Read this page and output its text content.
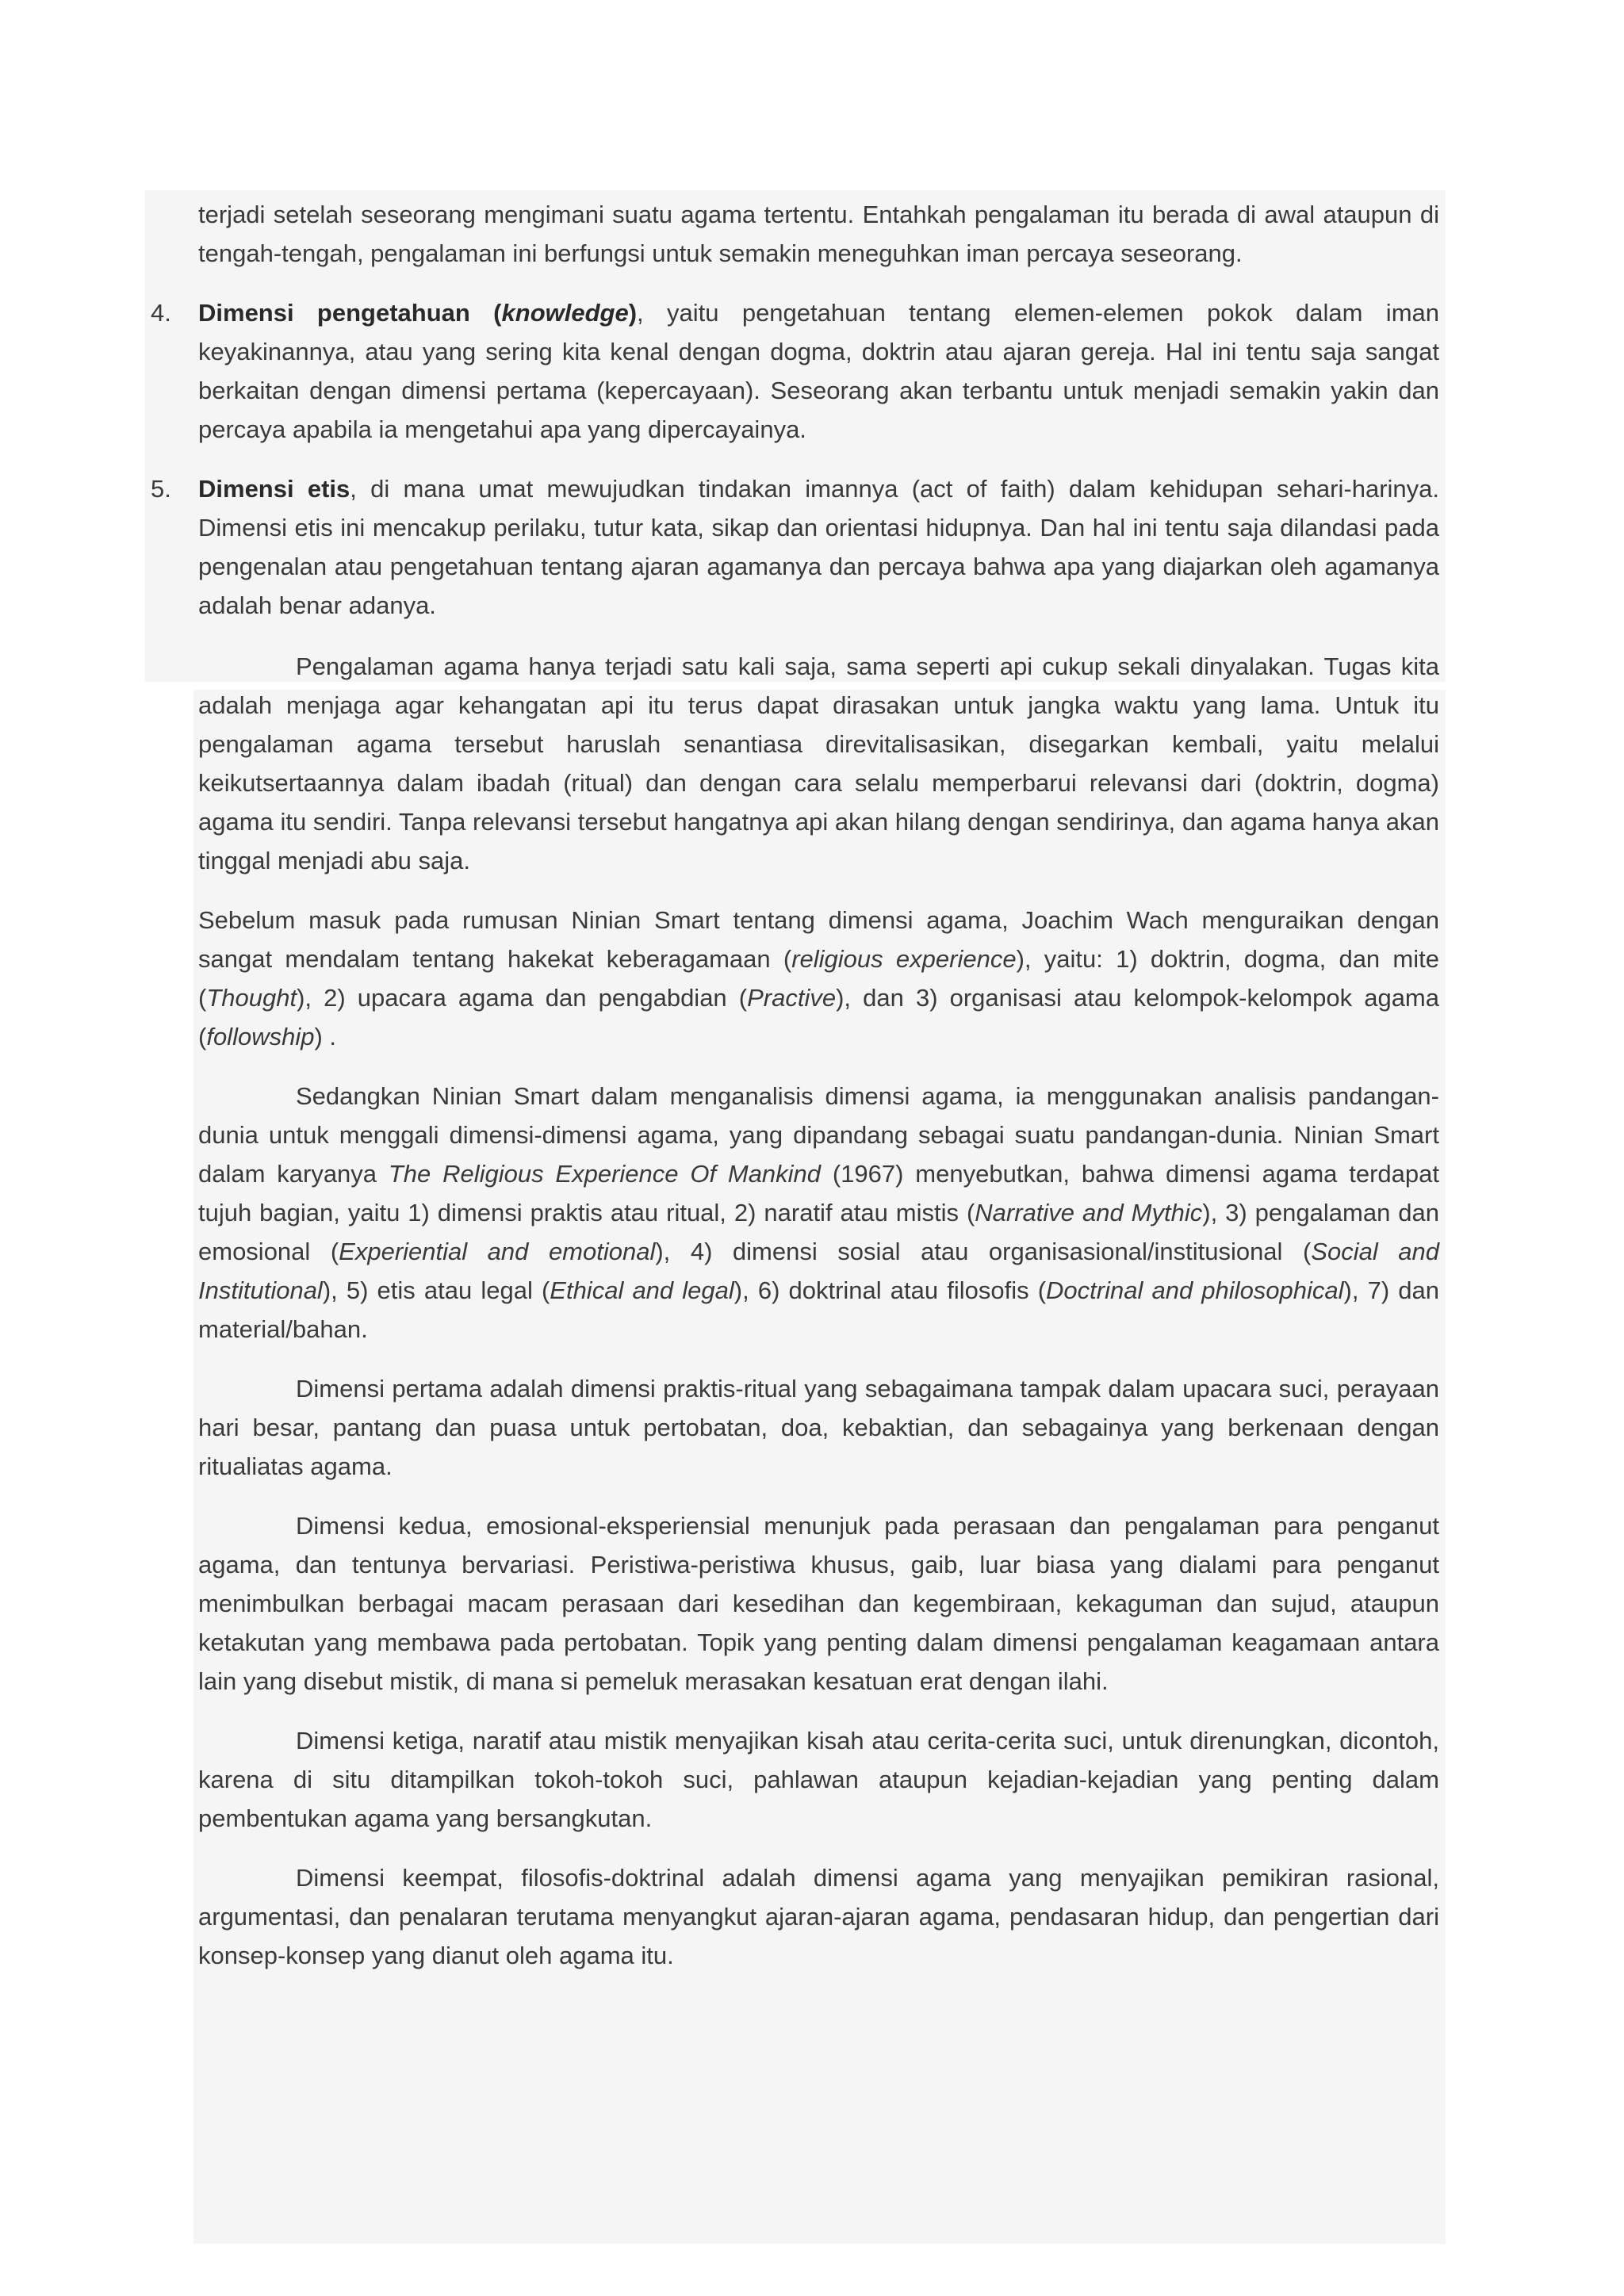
terjadi setelah seseorang mengimani suatu agama tertentu. Entahkah pengalaman itu berada di awal ataupun di tengah-tengah, pengalaman ini berfungsi untuk semakin meneguhkan iman percaya seseorang.

4. Dimensi pengetahuan (knowledge), yaitu pengetahuan tentang elemen-elemen pokok dalam iman keyakinannya, atau yang sering kita kenal dengan dogma, doktrin atau ajaran gereja. Hal ini tentu saja sangat berkaitan dengan dimensi pertama (kepercayaan). Seseorang akan terbantu untuk menjadi semakin yakin dan percaya apabila ia mengetahui apa yang dipercayainya.
5. Dimensi etis, di mana umat mewujudkan tindakan imannya (act of faith) dalam kehidupan sehari-harinya. Dimensi etis ini mencakup perilaku, tutur kata, sikap dan orientasi hidupnya. Dan hal ini tentu saja dilandasi pada pengenalan atau pengetahuan tentang ajaran agamanya dan percaya bahwa apa yang diajarkan oleh agamanya adalah benar adanya.

Pengalaman agama hanya terjadi satu kali saja, sama seperti api cukup sekali dinyalakan. Tugas kita adalah menjaga agar kehangatan api itu terus dapat dirasakan untuk jangka waktu yang lama. Untuk itu pengalaman agama tersebut haruslah senantiasa direvitalisasikan, disegarkan kembali, yaitu melalui keikutsertaannya dalam ibadah (ritual) dan dengan cara selalu memperbarui relevansi dari (doktrin, dogma) agama itu sendiri. Tanpa relevansi tersebut hangatnya api akan hilang dengan sendirinya, dan agama hanya akan tinggal menjadi abu saja.

Sebelum masuk pada rumusan Ninian Smart tentang dimensi agama, Joachim Wach menguraikan dengan sangat mendalam tentang hakekat keberagamaan (religious experience), yaitu: 1) doktrin, dogma, dan mite (Thought), 2) upacara agama dan pengabdian (Practive), dan 3) organisasi atau kelompok-kelompok agama (followship) .

Sedangkan Ninian Smart dalam menganalisis dimensi agama, ia menggunakan analisis pandangan-dunia untuk menggali dimensi-dimensi agama, yang dipandang sebagai suatu pandangan-dunia. Ninian Smart dalam karyanya The Religious Experience Of Mankind (1967) menyebutkan, bahwa dimensi agama terdapat tujuh bagian, yaitu 1) dimensi praktis atau ritual, 2) naratif atau mistis (Narrative and Mythic), 3) pengalaman dan emosional (Experiential and emotional), 4) dimensi sosial atau organisasional/institusional (Social and Institutional), 5) etis atau legal (Ethical and legal), 6) doktrinal atau filosofis (Doctrinal and philosophical), 7) dan material/bahan.

Dimensi pertama adalah dimensi praktis-ritual yang sebagaimana tampak dalam upacara suci, perayaan hari besar, pantang dan puasa untuk pertobatan, doa, kebaktian, dan sebagainya yang berkenaan dengan ritualiatas agama.

Dimensi kedua, emosional-eksperiensial menunjuk pada perasaan dan pengalaman para penganut agama, dan tentunya bervariasi. Peristiwa-peristiwa khusus, gaib, luar biasa yang dialami para penganut menimbulkan berbagai macam perasaan dari kesedihan dan kegembiraan, kekaguman dan sujud, ataupun ketakutan yang membawa pada pertobatan. Topik yang penting dalam dimensi pengalaman keagamaan antara lain yang disebut mistik, di mana si pemeluk merasakan kesatuan erat dengan ilahi.

Dimensi ketiga, naratif atau mistik menyajikan kisah atau cerita-cerita suci, untuk direnungkan, dicontoh, karena di situ ditampilkan tokoh-tokoh suci, pahlawan ataupun kejadian-kejadian yang penting dalam pembentukan agama yang bersangkutan.

Dimensi keempat, filosofis-doktrinal adalah dimensi agama yang menyajikan pemikiran rasional, argumentasi, dan penalaran terutama menyangkut ajaran-ajaran agama, pendasaran hidup, dan pengertian dari konsep-konsep yang dianut oleh agama itu.
